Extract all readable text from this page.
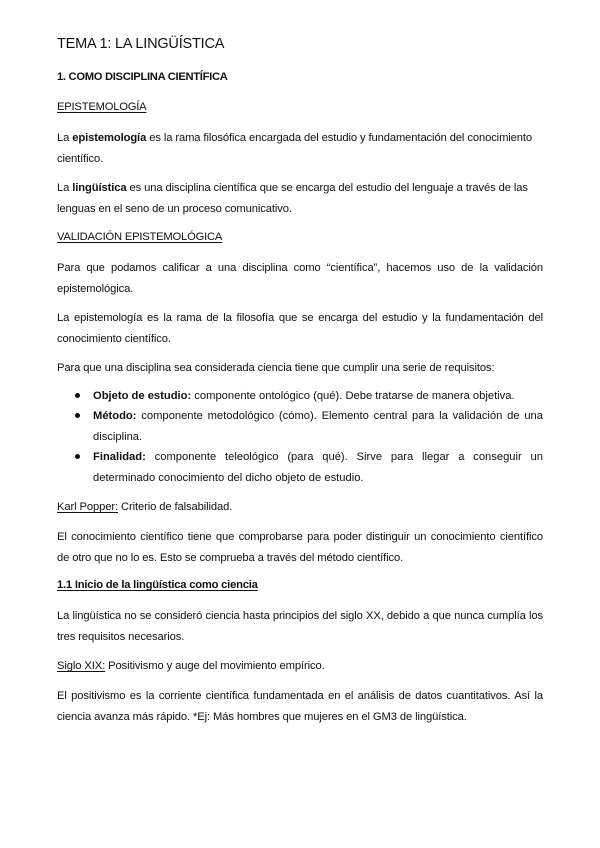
TEMA 1: LA LINGÜÍSTICA
1. COMO DISCIPLINA CIENTÍFICA

EPISTEMOLOGÍA

La epistemología es la rama filosófica encargada del estudio y fundamentación del conocimiento científico.

La lingüística es una disciplina científica que se encarga del estudio del lenguaje a través de las lenguas en el seno de un proceso comunicativo.

VALIDACIÓN EPISTEMOLÓGICA

Para que podamos calificar a una disciplina como “científica”, hacemos uso de la validación epistemológica.

La epistemología es la rama de la filosofía que se encarga del estudio y la fundamentación del conocimiento científico.

Para que una disciplina sea considerada ciencia tiene que cumplir una serie de requisitos:

Objeto de estudio: componente ontológico (qué). Debe tratarse de manera objetiva.
Método: componente metodológico (cómo). Elemento central para la validación de una disciplina.
Finalidad: componente teleológico (para qué). Sirve para llegar a conseguir un determinado conocimiento del dicho objeto de estudio.

Karl Popper: Criterio de falsabilidad.

El conocimiento científico tiene que comprobarse para poder distinguir un conocimiento científico de otro que no lo es. Esto se comprueba a través del método científico.

1.1 Inicio de la lingüística como ciencia

La lingüística no se consideró ciencia hasta principios del siglo XX, debido a que nunca cumplía los tres requisitos necesarios.

Siglo XIX: Positivismo y auge del movimiento empírico.

El positivismo es la corriente científica fundamentada en el análisis de datos cuantitativos. Así la ciencia avanza más rápido. *Ej: Más hombres que mujeres en el GM3 de lingüística.
